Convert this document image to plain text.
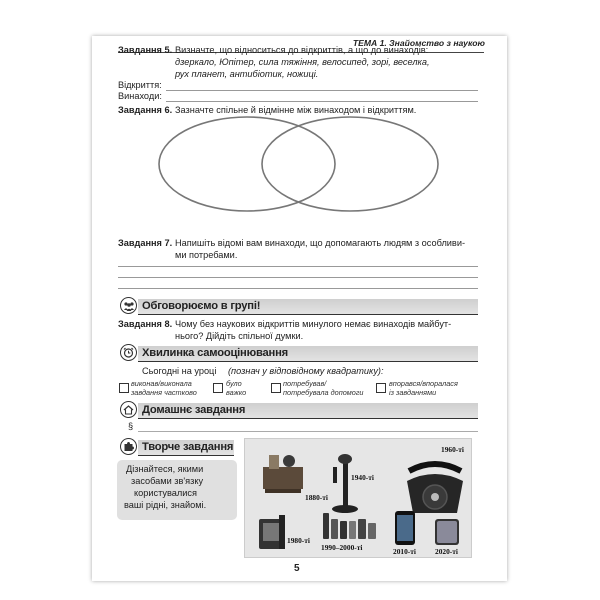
ТЕМА 1. Знайомство з наукою
Завдання 5. Визначте, що відноситься до відкриттів, а що до винаходів:
дзеркало, Юпітер, сила тяжіння, велосипед, зорі, веселка,
рух планет, антибіотик, ножиці.
Відкриття:
Винаходи:
Завдання 6. Зазначте спільне й відмінне між винаходом і відкриттям.
Завдання 7. Напишіть відомі вам винаходи, що допомагають людям з особливи-
ми потребами.
Обговорюємо в групі!
Завдання 8. Чому без наукових відкриттів минулого немає винаходів майбут-
нього? Дійдіть спільної думки.
Хвилинка самооцінювання
Сьогодні на уроці (познач у відповідному квадратику):
виконав/виконала
завдання частково
було
важко
потребував/
потребувала допомоги
впорався/впоралася
із завданнями
Домашнє завдання
§
Творче завдання
Дізнайтеся, якими
засобами зв'язку
користувалися
ваші рідні, знайомі.
1880-ті
1940-ті
1960-ті
1980-ті
1990–2000-ті	2010-ті	2020-ті
5
